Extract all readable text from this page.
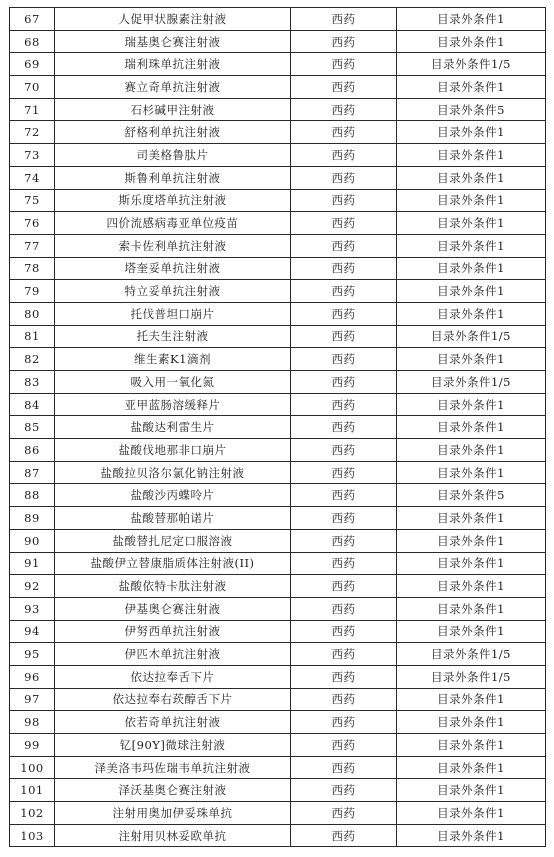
67	人促甲状腺素注射液	西药	目录外条件1
68	瑞基奥仑赛注射液	西药	目录外条件1
69	瑞利珠单抗注射液	西药	目录外条件1/5
70	赛立奇单抗注射液	西药	目录外条件1
71	石杉碱甲注射液	西药	目录外条件5
72	舒格利单抗注射液	西药	目录外条件1
73	司美格鲁肽片	西药	目录外条件1
74	斯鲁利单抗注射液	西药	目录外条件1
75	斯乐度塔单抗注射液	西药	目录外条件1
76	四价流感病毒亚单位疫苗	西药	目录外条件1
77	索卡佐利单抗注射液	西药	目录外条件1
78	塔奎妥单抗注射液	西药	目录外条件1
79	特立妥单抗注射液	西药	目录外条件1
80	托伐普坦口崩片	西药	目录外条件1
81	托夫生注射液	西药	目录外条件1/5
82	维生素K1滴剂	西药	目录外条件1
83	吸入用一氧化氮	西药	目录外条件1/5
84	亚甲蓝肠溶缓释片	西药	目录外条件1
85	盐酸达利雷生片	西药	目录外条件1
86	盐酸伐地那非口崩片	西药	目录外条件1
87	盐酸拉贝洛尔氯化钠注射液	西药	目录外条件1
88	盐酸沙丙蝶呤片	西药	目录外条件5
89	盐酸替那帕诺片	西药	目录外条件1
90	盐酸替扎尼定口服溶液	西药	目录外条件1
91	盐酸伊立替康脂质体注射液(II)	西药	目录外条件1
92	盐酸依特卡肽注射液	西药	目录外条件1
93	伊基奥仑赛注射液	西药	目录外条件1
94	伊努西单抗注射液	西药	目录外条件1
95	伊匹木单抗注射液	西药	目录外条件1/5
96	依达拉奉舌下片	西药	目录外条件1/5
97	依达拉奉右莰醇舌下片	西药	目录外条件1
98	依若奇单抗注射液	西药	目录外条件1
99	钇[90Y]微球注射液	西药	目录外条件1
100	泽美洛韦玛佐瑞韦单抗注射液	西药	目录外条件1
101	泽沃基奥仑赛注射液	西药	目录外条件1
102	注射用奥加伊妥珠单抗	西药	目录外条件1
103	注射用贝林妥欧单抗	西药	目录外条件1
